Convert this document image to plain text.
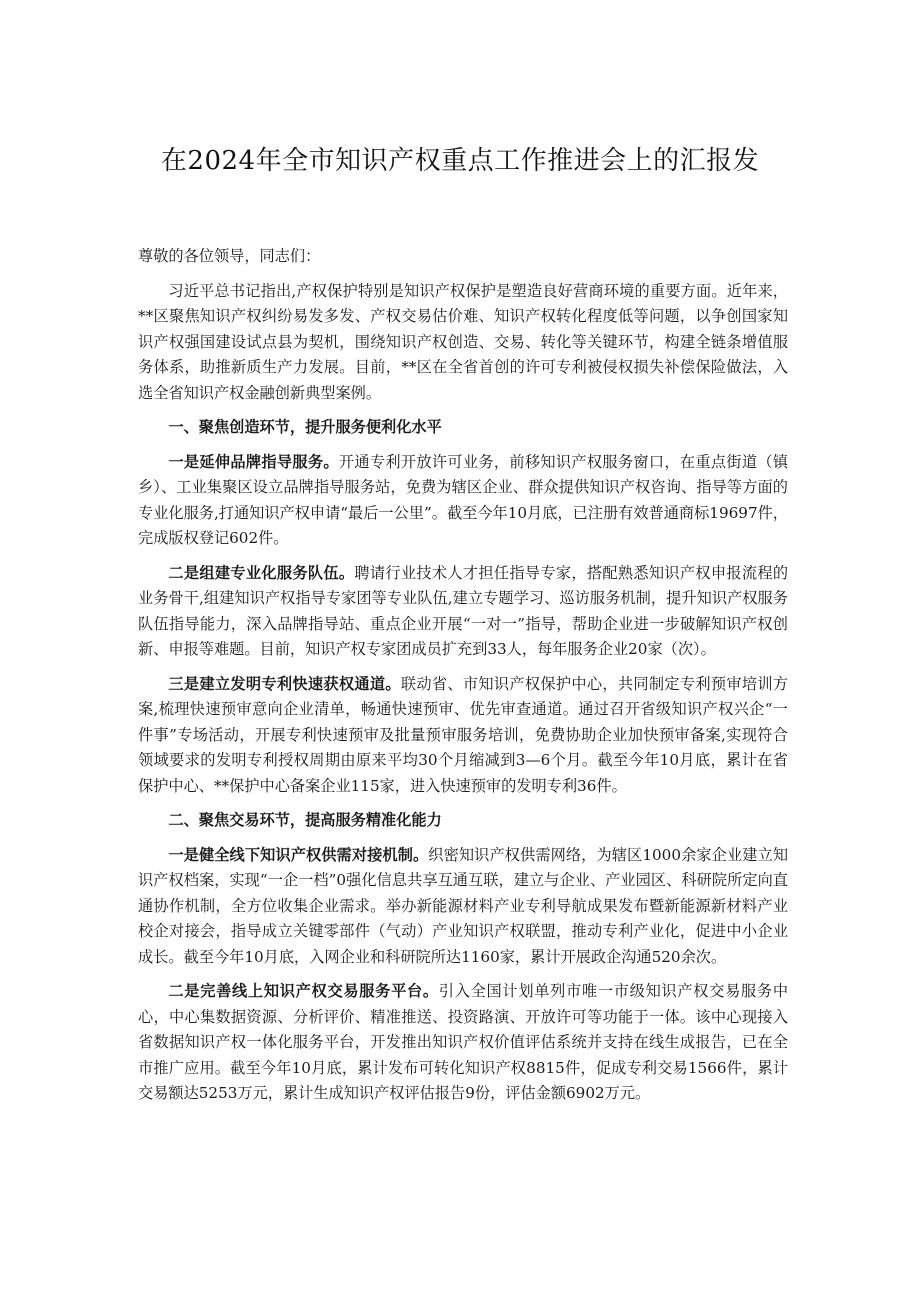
在2024年全市知识产权重点工作推进会上的汇报发

尊敬的各位领导，同志们：

习近平总书记指出,产权保护特别是知识产权保护是塑造良好营商环境的重要方面。近年来，**区聚焦知识产权纠纷易发多发、产权交易估价难、知识产权转化程度低等问题，以争创国家知识产权强国建设试点县为契机，围绕知识产权创造、交易、转化等关键环节，构建全链条增值服务体系，助推新质生产力发展。目前，**区在全省首创的许可专利被侵权损失补偿保险做法，入选全省知识产权金融创新典型案例。

一、聚焦创造环节，提升服务便利化水平

一是延伸品牌指导服务。开通专利开放许可业务，前移知识产权服务窗口，在重点街道（镇乡）、工业集聚区设立品牌指导服务站，免费为辖区企业、群众提供知识产权咨询、指导等方面的专业化服务,打通知识产权申请“最后一公里”。截至今年10月底，已注册有效普通商标19697件，完成版权登记602件。

二是组建专业化服务队伍。聘请行业技术人才担任指导专家，搭配熟悉知识产权申报流程的业务骨干,组建知识产权指导专家团等专业队伍,建立专题学习、巡访服务机制，提升知识产权服务队伍指导能力，深入品牌指导站、重点企业开展“一对一”指导，帮助企业进一步破解知识产权创新、申报等难题。目前，知识产权专家团成员扩充到33人，每年服务企业20家（次）。

三是建立发明专利快速获权通道。联动省、市知识产权保护中心，共同制定专利预审培训方案,梳理快速预审意向企业清单，畅通快速预审、优先审查通道。通过召开省级知识产权兴企“一件事”专场活动，开展专利快速预审及批量预审服务培训，免费协助企业加快预审备案,实现符合领域要求的发明专利授权周期由原来平均30个月缩减到3—6个月。截至今年10月底，累计在省保护中心、**保护中心备案企业115家，进入快速预审的发明专利36件。

二、聚焦交易环节，提高服务精准化能力

一是健全线下知识产权供需对接机制。织密知识产权供需网络，为辖区1000余家企业建立知识产权档案，实现“一企一档”0强化信息共享互通互联，建立与企业、产业园区、科研院所定向直通协作机制，全方位收集企业需求。举办新能源材料产业专利导航成果发布暨新能源新材料产业校企对接会，指导成立关键零部件（气动）产业知识产权联盟，推动专利产业化，促进中小企业成长。截至今年10月底，入网企业和科研院所达1160家，累计开展政企沟通520余次。

二是完善线上知识产权交易服务平台。引入全国计划单列市唯一市级知识产权交易服务中心，中心集数据资源、分析评价、精准推送、投资路演、开放许可等功能于一体。该中心现接入省数据知识产权一体化服务平台，开发推出知识产权价值评估系统并支持在线生成报告，已在全市推广应用。截至今年10月底，累计发布可转化知识产权8815件，促成专利交易1566件，累计交易额达5253万元，累计生成知识产权评估报告9份，评估金额6902万元。
